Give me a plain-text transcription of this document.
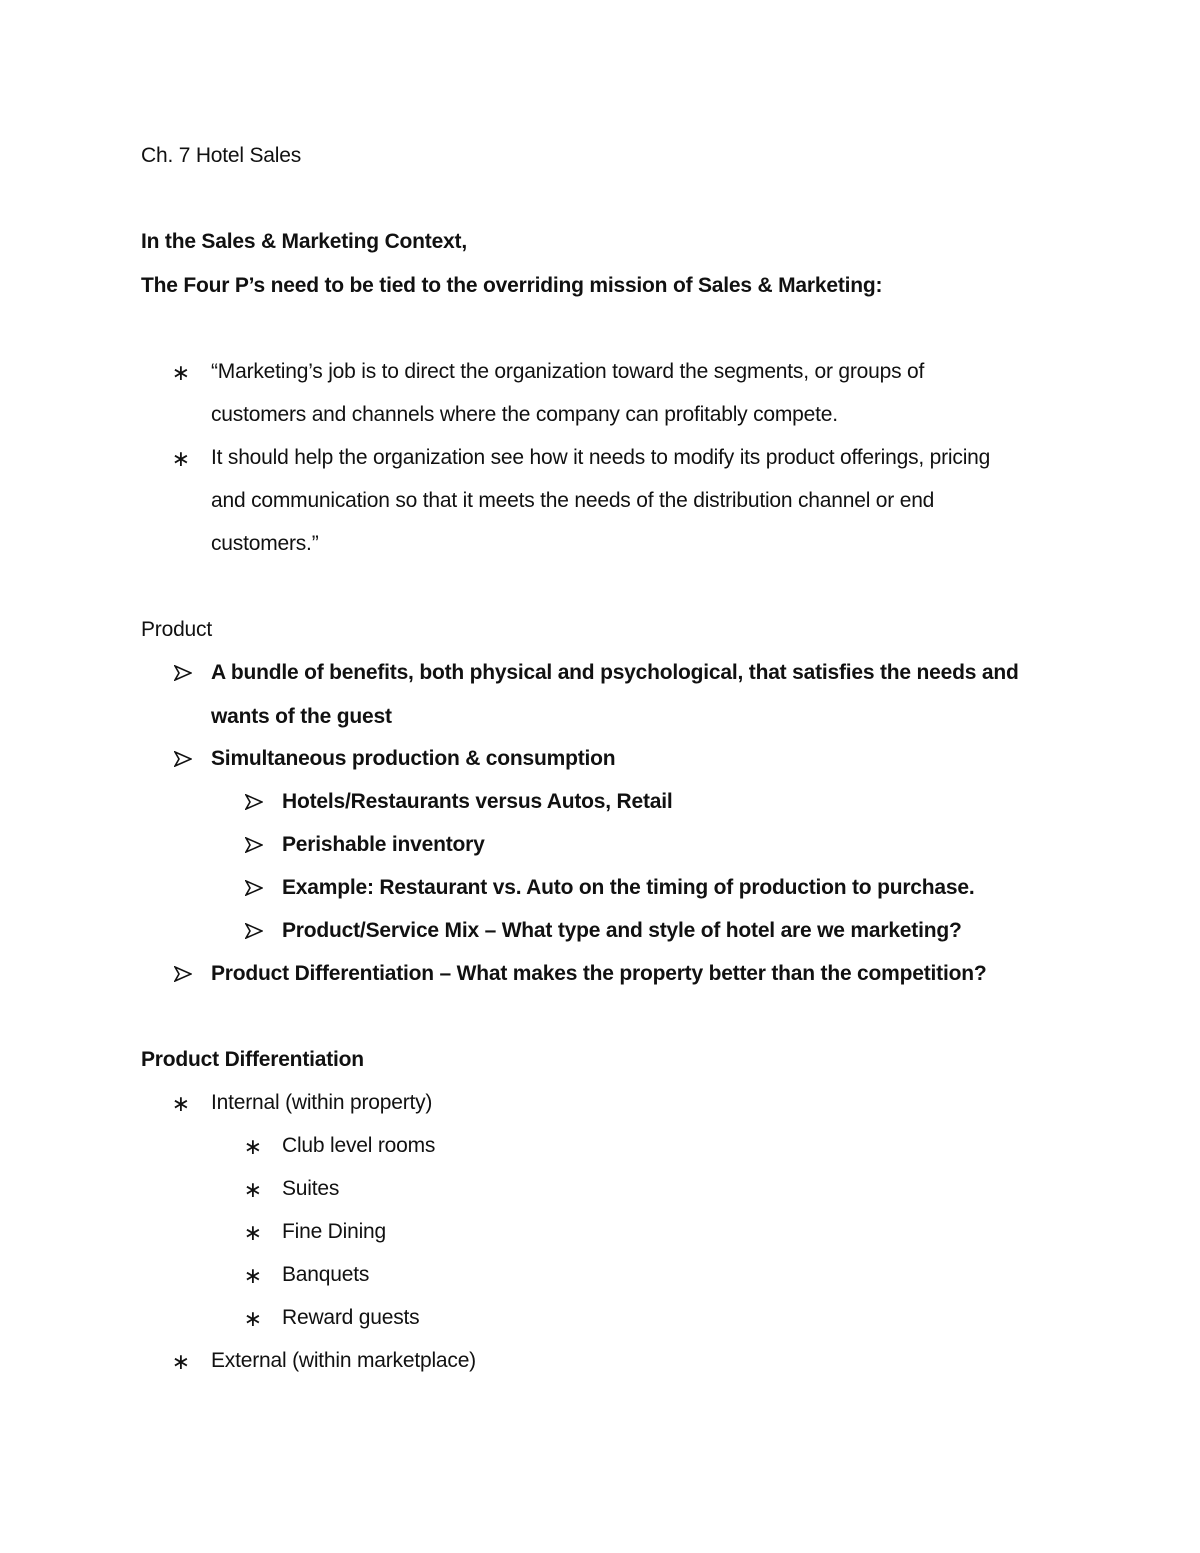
Ch. 7 Hotel Sales
In the Sales & Marketing Context,
The Four P’s need to be tied to the overriding mission of Sales & Marketing:
∗ “Marketing’s job is to direct the organization toward the segments, or groups of
customers and channels where the company can profitably compete.
∗ It should help the organization see how it needs to modify its product offerings, pricing
and communication so that it meets the needs of the distribution channel or end
customers.”
Product
A bundle of benefits, both physical and psychological, that satisfies the needs and
wants of the guest
Simultaneous production & consumption
Hotels/Restaurants versus Autos, Retail
Perishable inventory
Example: Restaurant vs. Auto on the timing of production to purchase.
Product/Service Mix – What type and style of hotel are we marketing?
Product Differentiation – What makes the property better than the competition?
Product Differentiation
∗ Internal (within property)
∗ Club level rooms
∗ Suites
∗ Fine Dining
∗ Banquets
∗ Reward guests
∗ External (within marketplace)
